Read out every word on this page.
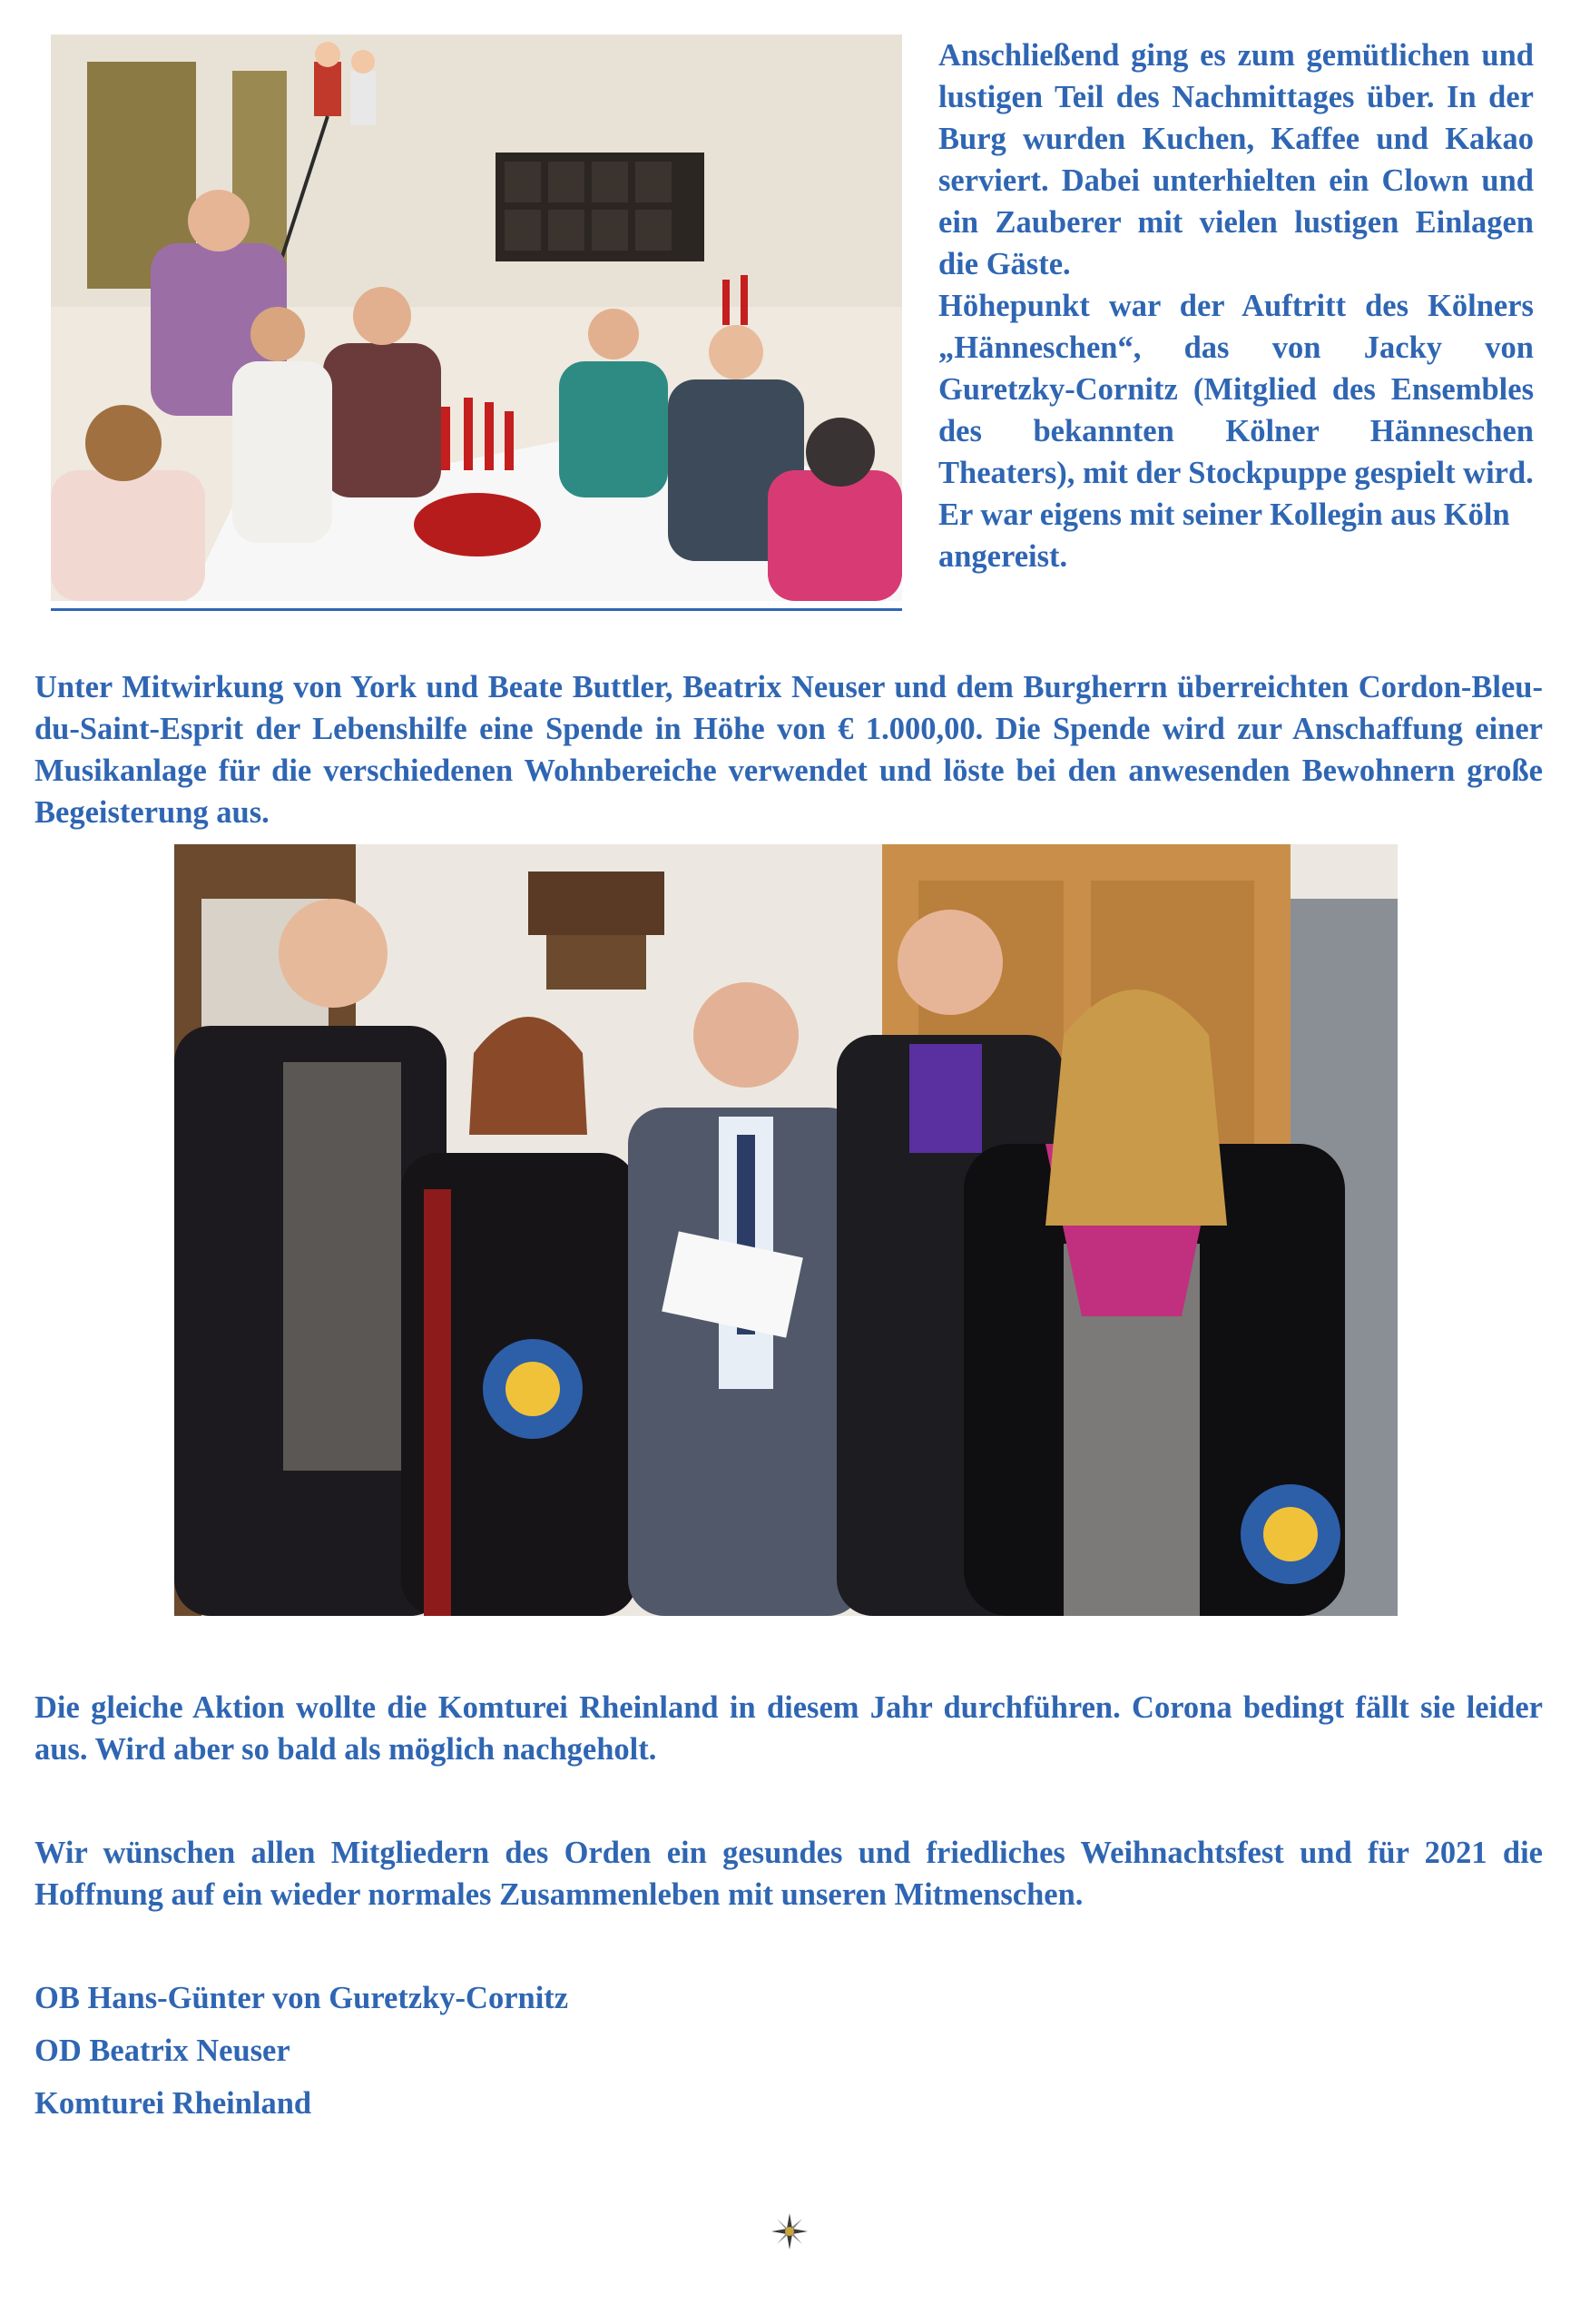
Anschließend ging es zum gemütlichen und lustigen Teil des Nachmittages über. In der Burg wurden Kuchen, Kaffee und Kakao serviert. Dabei unterhielten ein Clown und ein Zauberer mit vielen lustigen Einlagen die Gäste.

Höhepunkt war der Auftritt des Kölners „Hänneschen“, das von Jacky von Guretzky-Cornitz (Mitglied des Ensembles des bekannten Kölner Hänneschen Theaters), mit der Stockpuppe gespielt wird.

Er war eigens mit seiner Kollegin aus Köln angereist.

Unter Mitwirkung von York und Beate Buttler, Beatrix Neuser und dem Burgherrn überreichten Cordon-Bleu-du-Saint-Esprit der Lebenshilfe eine Spende in Höhe von € 1.000,00. Die Spende wird zur Anschaffung einer Musikanlage für die verschiedenen Wohnbereiche verwendet und löste bei den anwesenden Bewohnern große Begeisterung aus.

Die gleiche Aktion wollte die Komturei Rheinland in diesem Jahr durchführen. Corona bedingt fällt sie leider aus. Wird aber so bald als möglich nachgeholt.

Wir wünschen allen Mitgliedern des Orden ein gesundes und friedliches Weihnachtsfest und für 2021 die Hoffnung auf ein wieder normales Zusammenleben mit unseren Mitmenschen.

OB Hans-Günter von Guretzky-Cornitz

OD Beatrix Neuser

Komturei Rheinland
